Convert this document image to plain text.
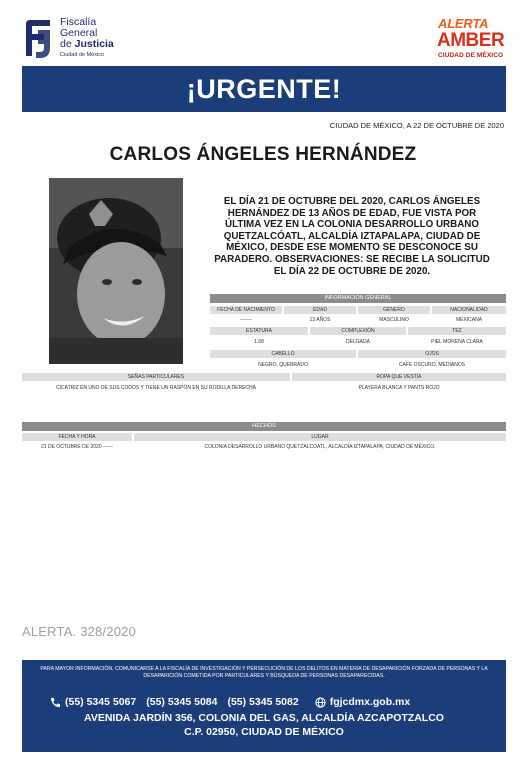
Fiscalía
General
de Justicia
Ciudad de México
ALERTA
AMBER
CIUDAD DE MÉXICO
¡URGENTE!
CIUDAD DE MÉXICO, A 22 DE OCTUBRE DE 2020
CARLOS ÁNGELES HERNÁNDEZ
EL DÍA 21 DE OCTUBRE DEL 2020, CARLOS ÁNGELES HERNÁNDEZ DE 13 AÑOS DE EDAD, FUE VISTA POR ÚLTIMA VEZ EN LA COLONIA DESARROLLO URBANO QUETZALCÓATL, ALCALDÍA IZTAPALAPA, CIUDAD DE MÉXICO, DESDE ESE MOMENTO SE DESCONOCE SU PARADERO. OBSERVACIONES: SE RECIBE LA SOLICITUD EL DÍA 22 DE OCTUBRE DE 2020.
INFORMACIÓN GENERAL
FECHA DE NACIMIENTO	EDAD	GÉNERO	NACIONALIDAD
-------	13 AÑOS	MASCULINO	MEXICANA
ESTATURA	COMPLEXIÓN	TEZ
1.68	DELGADA	PIEL MORENA CLARA
CABELLO	OJOS
NEGRO, QUEBRADO	CAFE OSCURO, MEDIANOS
SEÑAS PARTICULARES	ROPA QUE VESTÍA
CICATRIZ EN UNO DE SUS CODOS Y TIENE UN RASPÓN EN SU RODILLA DERECHA	PLAYERA BLANCA Y PANTS ROJO
HECHOS
FECHA Y HORA	LUGAR
21 DE OCTUBRE DE 2020 ------	COLONIA DESARROLLO URBANO QUETZALCOATL, ALCALDÍA IZTAPALAPA, CIUDAD DE MÉXICO.
ALERTA. 328/2020
PARA MAYOR INFORMACIÓN, COMUNICARSE A LA FISCALÍA DE INVESTIGACIÓN Y PERSECUCIÓN DE LOS DELITOS EN MATERIA DE DESAPARICIÓN FORZADA DE PERSONAS Y LA DESAPARICIÓN COMETIDA POR PARTICULARES Y BÚSQUEDA DE PERSONAS DESAPARECIDAS.
(55) 5345 5067 (55) 5345 5084 (55) 5345 5082	fgjcdmx.gob.mx
AVENIDA JARDÍN 356, COLONIA DEL GAS, ALCALDÍA AZCAPOTZALCO
C.P. 02950, CIUDAD DE MÉXICO
